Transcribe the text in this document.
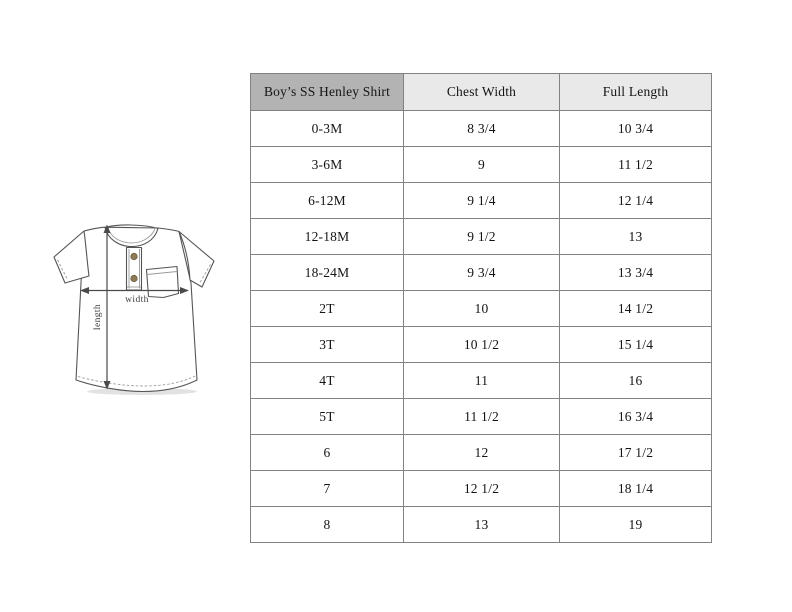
width
length
Boy’s SS Henley Shirt	Chest Width	Full Length
0-3M	8 3/4	10 3/4
3-6M	9	11 1/2
6-12M	9 1/4	12 1/4
12-18M	9 1/2	13
18-24M	9 3/4	13 3/4
2T	10	14 1/2
3T	10 1/2	15 1/4
4T	11	16
5T	11 1/2	16 3/4
6	12	17 1/2
7	12 1/2	18 1/4
8	13	19
